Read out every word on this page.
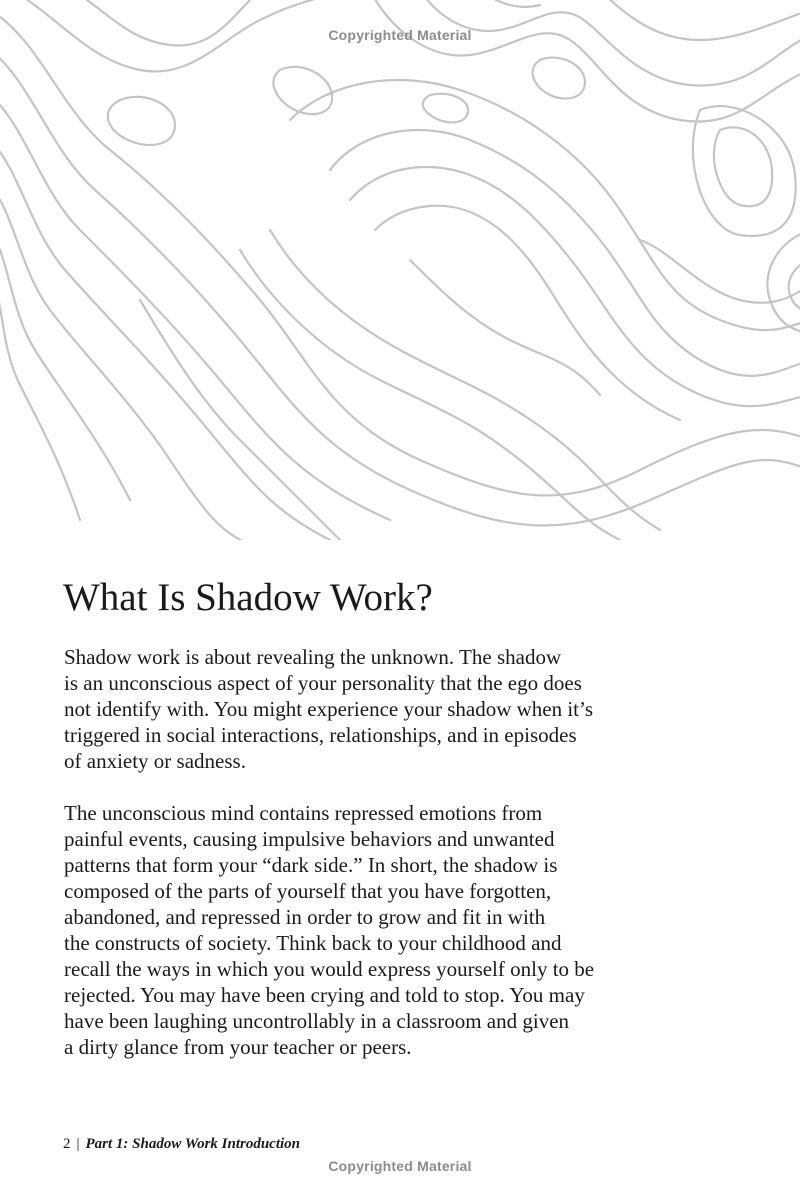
Copyrighted Material
What Is Shadow Work?

Shadow work is about revealing the unknown. The shadow
is an unconscious aspect of your personality that the ego does
not identify with. You might experience your shadow when it’s
triggered in social interactions, relationships, and in episodes
of anxiety or sadness.

The unconscious mind contains repressed emotions from
painful events, causing impulsive behaviors and unwanted
patterns that form your “dark side.” In short, the shadow is
composed of the parts of yourself that you have forgotten,
abandoned, and repressed in order to grow and fit in with
the constructs of society. Think back to your childhood and
recall the ways in which you would express yourself only to be
rejected. You may have been crying and told to stop. You may
have been laughing uncontrollably in a classroom and given
a dirty glance from your teacher or peers.

2 | Part 1: Shadow Work Introduction
Copyrighted Material
